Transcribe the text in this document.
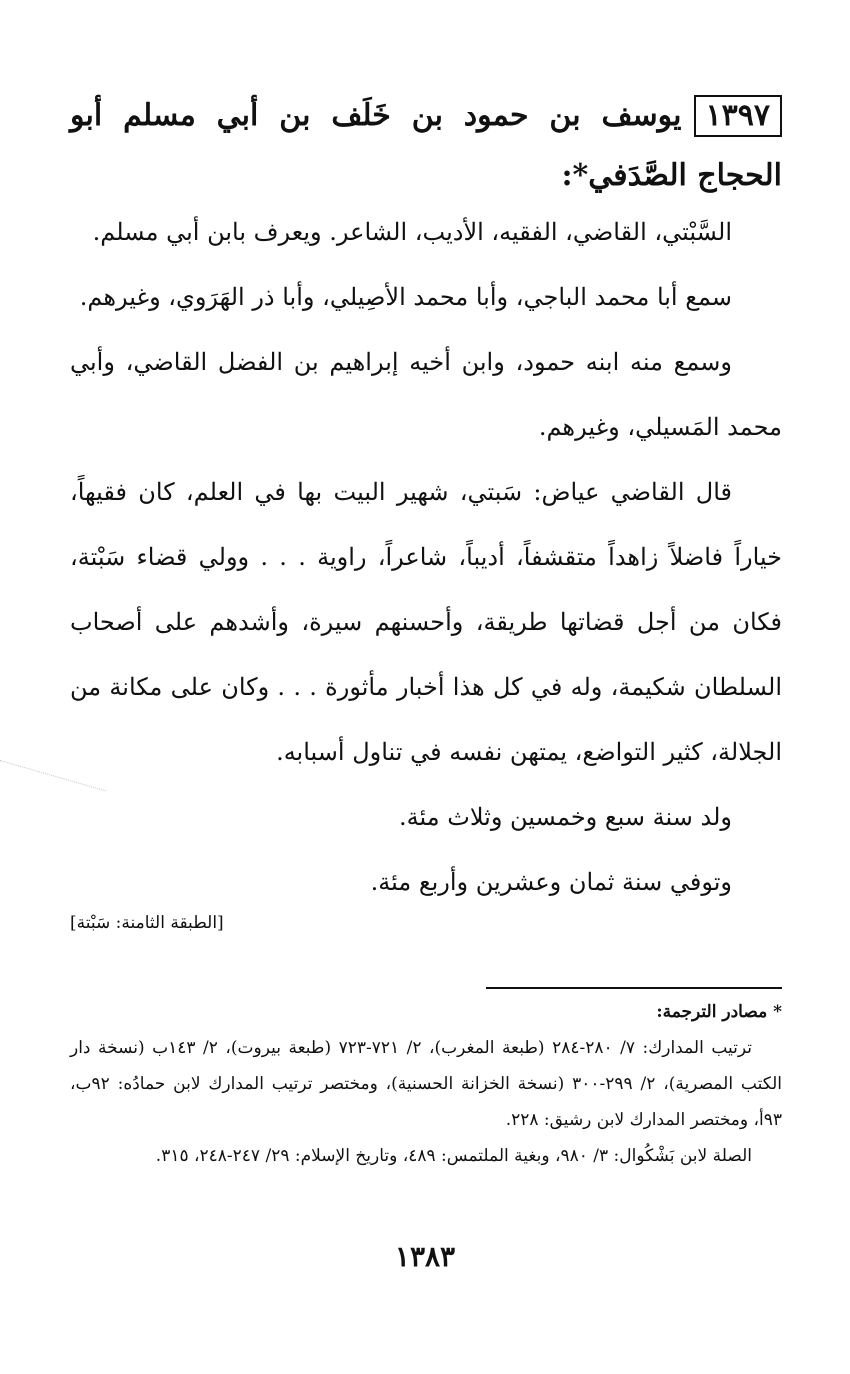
١٣٩٧يوسف بن حمود بن خَلَف بن أبي مسلم أبو الحجاج الصَّدَفي*:

السَّبْتي، القاضي، الفقيه، الأديب، الشاعر. ويعرف بابن أبي مسلم.

سمع أبا محمد الباجي، وأبا محمد الأصِيلي، وأبا ذر الهَرَوي، وغيرهم.

وسمع منه ابنه حمود، وابن أخيه إبراهيم بن الفضل القاضي، وأبي محمد المَسيلي، وغيرهم.

قال القاضي عياض: سَبتي، شهير البيت بها في العلم، كان فقيهاً، خياراً فاضلاً زاهداً متقشفاً، أديباً، شاعراً، راوية . . . وولي قضاء سَبْتة، فكان من أجل قضاتها طريقة، وأحسنهم سيرة، وأشدهم على أصحاب السلطان شكيمة، وله في كل هذا أخبار مأثورة . . . وكان على مكانة من الجلالة، كثير التواضع، يمتهن نفسه في تناول أسبابه.

ولد سنة سبع وخمسين وثلاث مئة.

وتوفي سنة ثمان وعشرين وأربع مئة.

[الطبقة الثامنة: سَبْتة]

* مصادر الترجمة:

ترتيب المدارك: ٧/ ٢٨٠-٢٨٤ (طبعة المغرب)، ٢/ ٧٢١-٧٢٣ (طبعة بيروت)، ٢/ ١٤٣ب (نسخة دار الكتب المصرية)، ٢/ ٢٩٩-٣٠٠ (نسخة الخزانة الحسنية)، ومختصر ترتيب المدارك لابن حمادُه: ٩٢ب، ٩٣أ، ومختصر المدارك لابن رشيق: ٢٢٨.

الصلة لابن بَشْكُوال: ٣/ ٩٨٠، وبغية الملتمس: ٤٨٩، وتاريخ الإسلام: ٢٩/ ٢٤٧-٢٤٨، ٣١٥.

١٣٨٣
